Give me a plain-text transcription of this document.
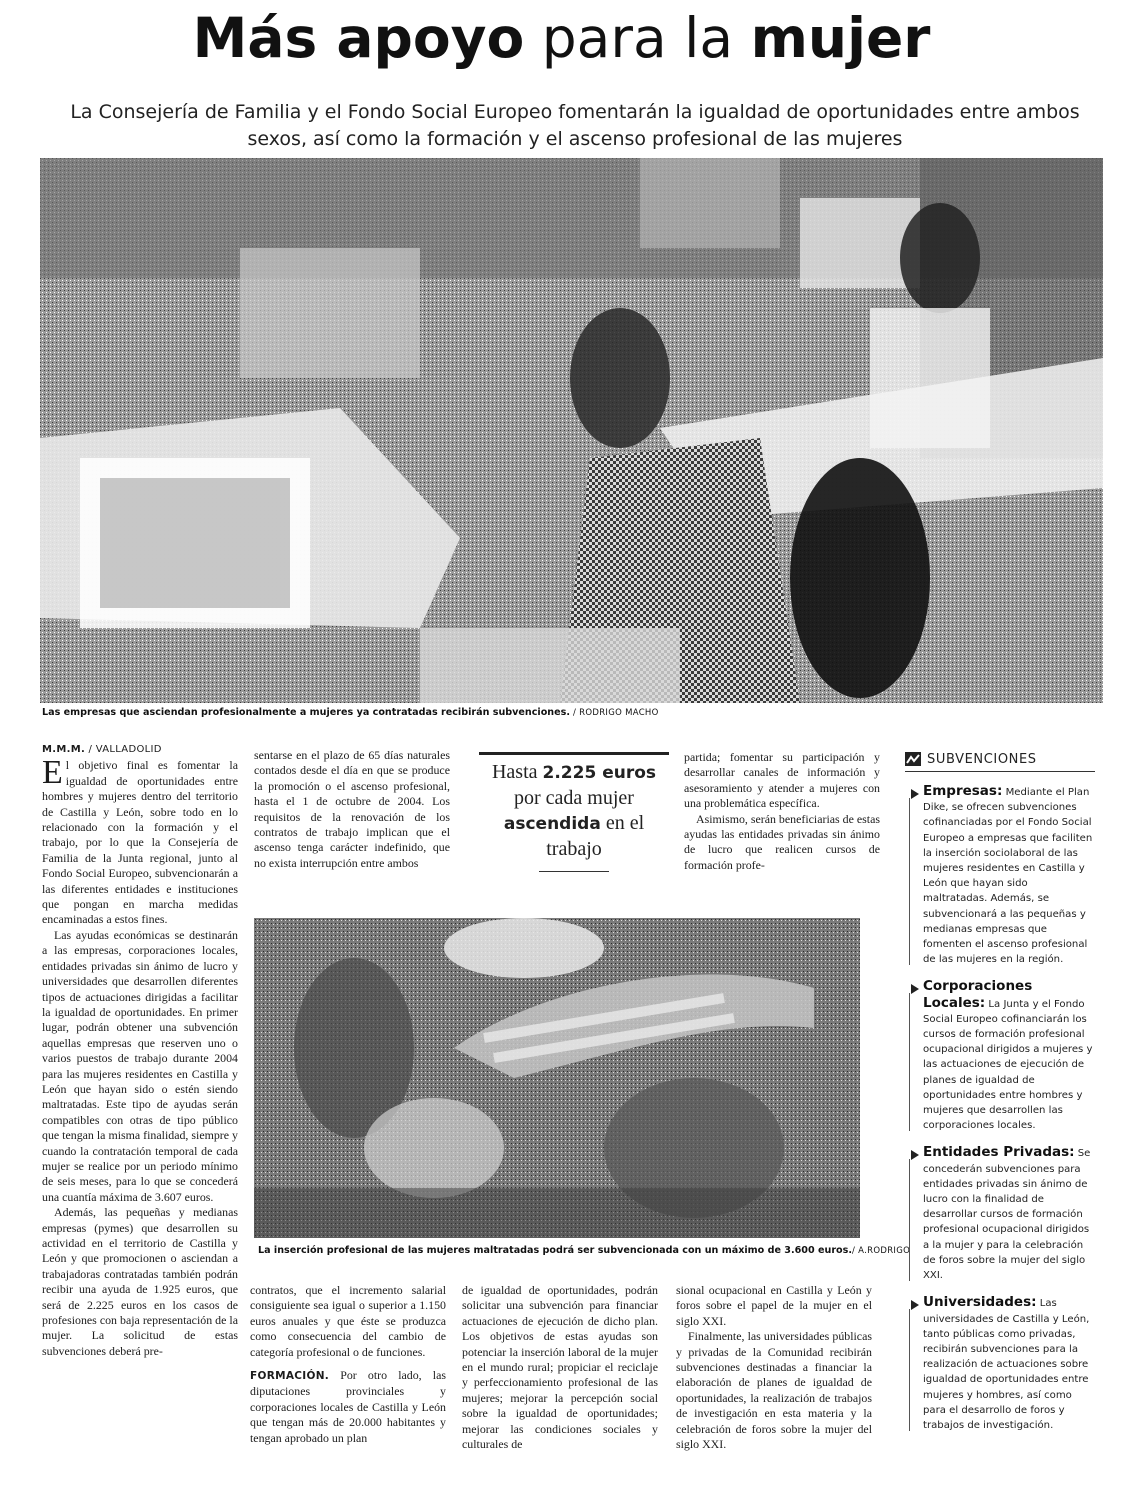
Más apoyo para la mujer
La Consejería de Familia y el Fondo Social Europeo fomentarán la igualdad de oportunidades entre ambos sexos, así como la formación y el ascenso profesional de las mujeres
Las empresas que asciendan profesionalmente a mujeres ya contratadas recibirán subvenciones. / RODRIGO MACHO
M.M.M. / VALLADOLID

El objetivo final es fomentar la igualdad de oportunidades entre hombres y mujeres dentro del territorio de Castilla y León, sobre todo en lo relacionado con la formación y el trabajo, por lo que la Consejería de Familia de la Junta regional, junto al Fondo Social Europeo, subvencionarán a las diferentes entidades e instituciones que pongan en marcha medidas encaminadas a estos fines.

Las ayudas económicas se destinarán a las empresas, corporaciones locales, entidades privadas sin ánimo de lucro y universidades que desarrollen diferentes tipos de actuaciones dirigidas a facilitar la igualdad de oportunidades. En primer lugar, podrán obtener una subvención aquellas empresas que reserven uno o varios puestos de trabajo durante 2004 para las mujeres residentes en Castilla y León que hayan sido o estén siendo maltratadas. Este tipo de ayudas serán compatibles con otras de tipo público que tengan la misma finalidad, siempre y cuando la contratación temporal de cada mujer se realice por un periodo mínimo de seis meses, para lo que se concederá una cuantía máxima de 3.607 euros.

Además, las pequeñas y medianas empresas (pymes) que desarrollen su actividad en el territorio de Castilla y León y que promocionen o asciendan a trabajadoras contratadas también podrán recibir una ayuda de 1.925 euros, que será de 2.225 euros en los casos de profesiones con baja representación de la mujer. La solicitud de estas subvenciones deberá pre-

sentarse en el plazo de 65 días naturales contados desde el día en que se produce la promoción o el ascenso profesional, hasta el 1 de octubre de 2004. Los requisitos de la renovación de los contratos de trabajo implican que el ascenso tenga carácter indefinido, que no exista interrupción entre ambos

Hasta 2.225 euros
por cada mujer
ascendida en el
trabajo

partida; fomentar su participación y desarrollar canales de información y asesoramiento y atender a mujeres con una problemática específica.

Asimismo, serán beneficiarias de estas ayudas las entidades privadas sin ánimo de lucro que realicen cursos de formación profe-

La inserción profesional de las mujeres maltratadas podrá ser subvencionada con un máximo de 3.600 euros./ A.RODRIGO

contratos, que el incremento salarial consiguiente sea igual o superior a 1.150 euros anuales y que éste se produzca como consecuencia del cambio de categoría profesional o de funciones.

FORMACIÓN. Por otro lado, las diputaciones provinciales y corporaciones locales de Castilla y León que tengan más de 20.000 habitantes y tengan aprobado un plan

de igualdad de oportunidades, podrán solicitar una subvención para financiar actuaciones de ejecución de dicho plan. Los objetivos de estas ayudas son potenciar la inserción laboral de la mujer en el mundo rural; propiciar el reciclaje y perfeccionamiento profesional de las mujeres; mejorar la percepción social sobre la igualdad de oportunidades; mejorar las condiciones sociales y culturales de

sional ocupacional en Castilla y León y foros sobre el papel de la mujer en el siglo XXI.

Finalmente, las universidades públicas y privadas de la Comunidad recibirán subvenciones destinadas a financiar la elaboración de planes de igualdad de oportunidades, la realización de trabajos de investigación en esta materia y la celebración de foros sobre la mujer del siglo XXI.

SUBVENCIONES
Empresas: Mediante el Plan Dike, se ofrecen subvenciones cofinanciadas por el Fondo Social Europeo a empresas que faciliten la inserción sociolaboral de las mujeres residentes en Castilla y León que hayan sido maltratadas. Además, se subvencionará a las pequeñas y medianas empresas que fomenten el ascenso profesional de las mujeres en la región.
Corporaciones Locales: La Junta y el Fondo Social Europeo cofinanciarán los cursos de formación profesional ocupacional dirigidos a mujeres y las actuaciones de ejecución de planes de igualdad de oportunidades entre hombres y mujeres que desarrollen las corporaciones locales.
Entidades Privadas: Se concederán subvenciones para entidades privadas sin ánimo de lucro con la finalidad de desarrollar cursos de formación profesional ocupacional dirigidos a la mujer y para la celebración de foros sobre la mujer del siglo XXI.
Universidades: Las universidades de Castilla y León, tanto públicas como privadas, recibirán subvenciones para la realización de actuaciones sobre igualdad de oportunidades entre mujeres y hombres, así como para el desarrollo de foros y trabajos de investigación.
